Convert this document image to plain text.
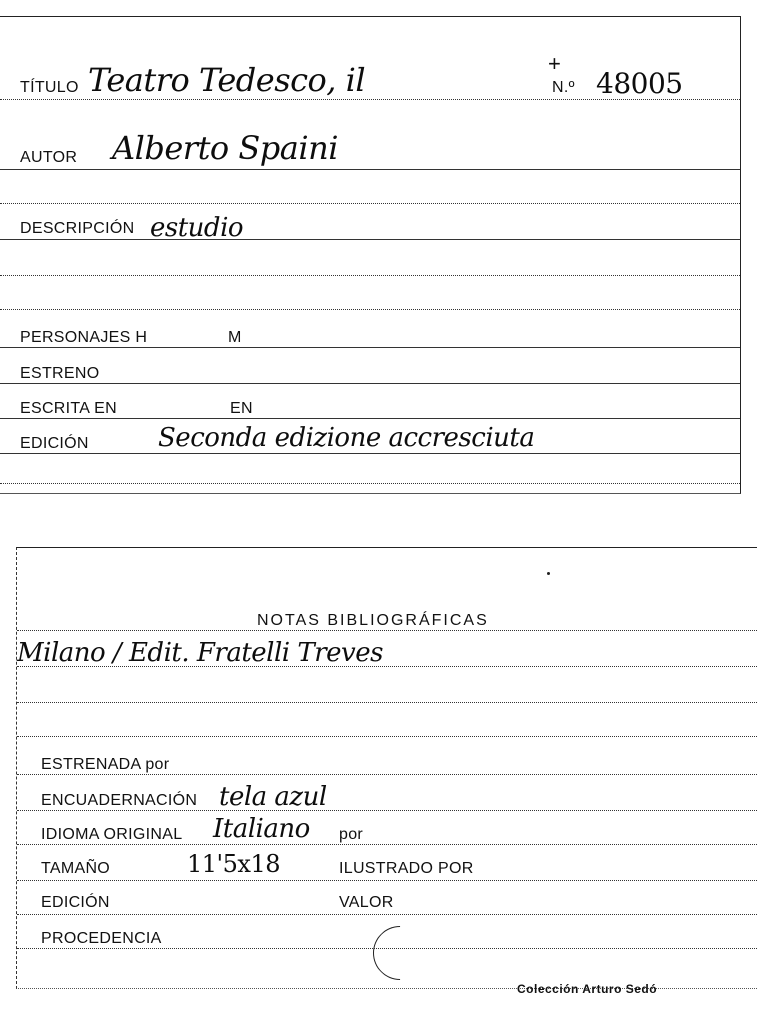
TÍTULO Teatro Tedesco, il	+
N.º 48005
AUTOR Alberto Spaini
DESCRIPCIÓN estudio
PERSONAJES H	M
ESTRENO
ESCRITA EN	EN
EDICIÓN	Seconda edizione accresciuta
NOTAS BIBLIOGRÁFICAS
Milano / Edit. Fratelli Treves
ESTRENADA por
ENCUADERNACIÓN tela azul
IDIOMA ORIGINAL Italiano por
TAMAÑO	11'5x18	ILUSTRADO POR
EDICIÓN	VALOR
PROCEDENCIA
Colección Arturo Sedó
